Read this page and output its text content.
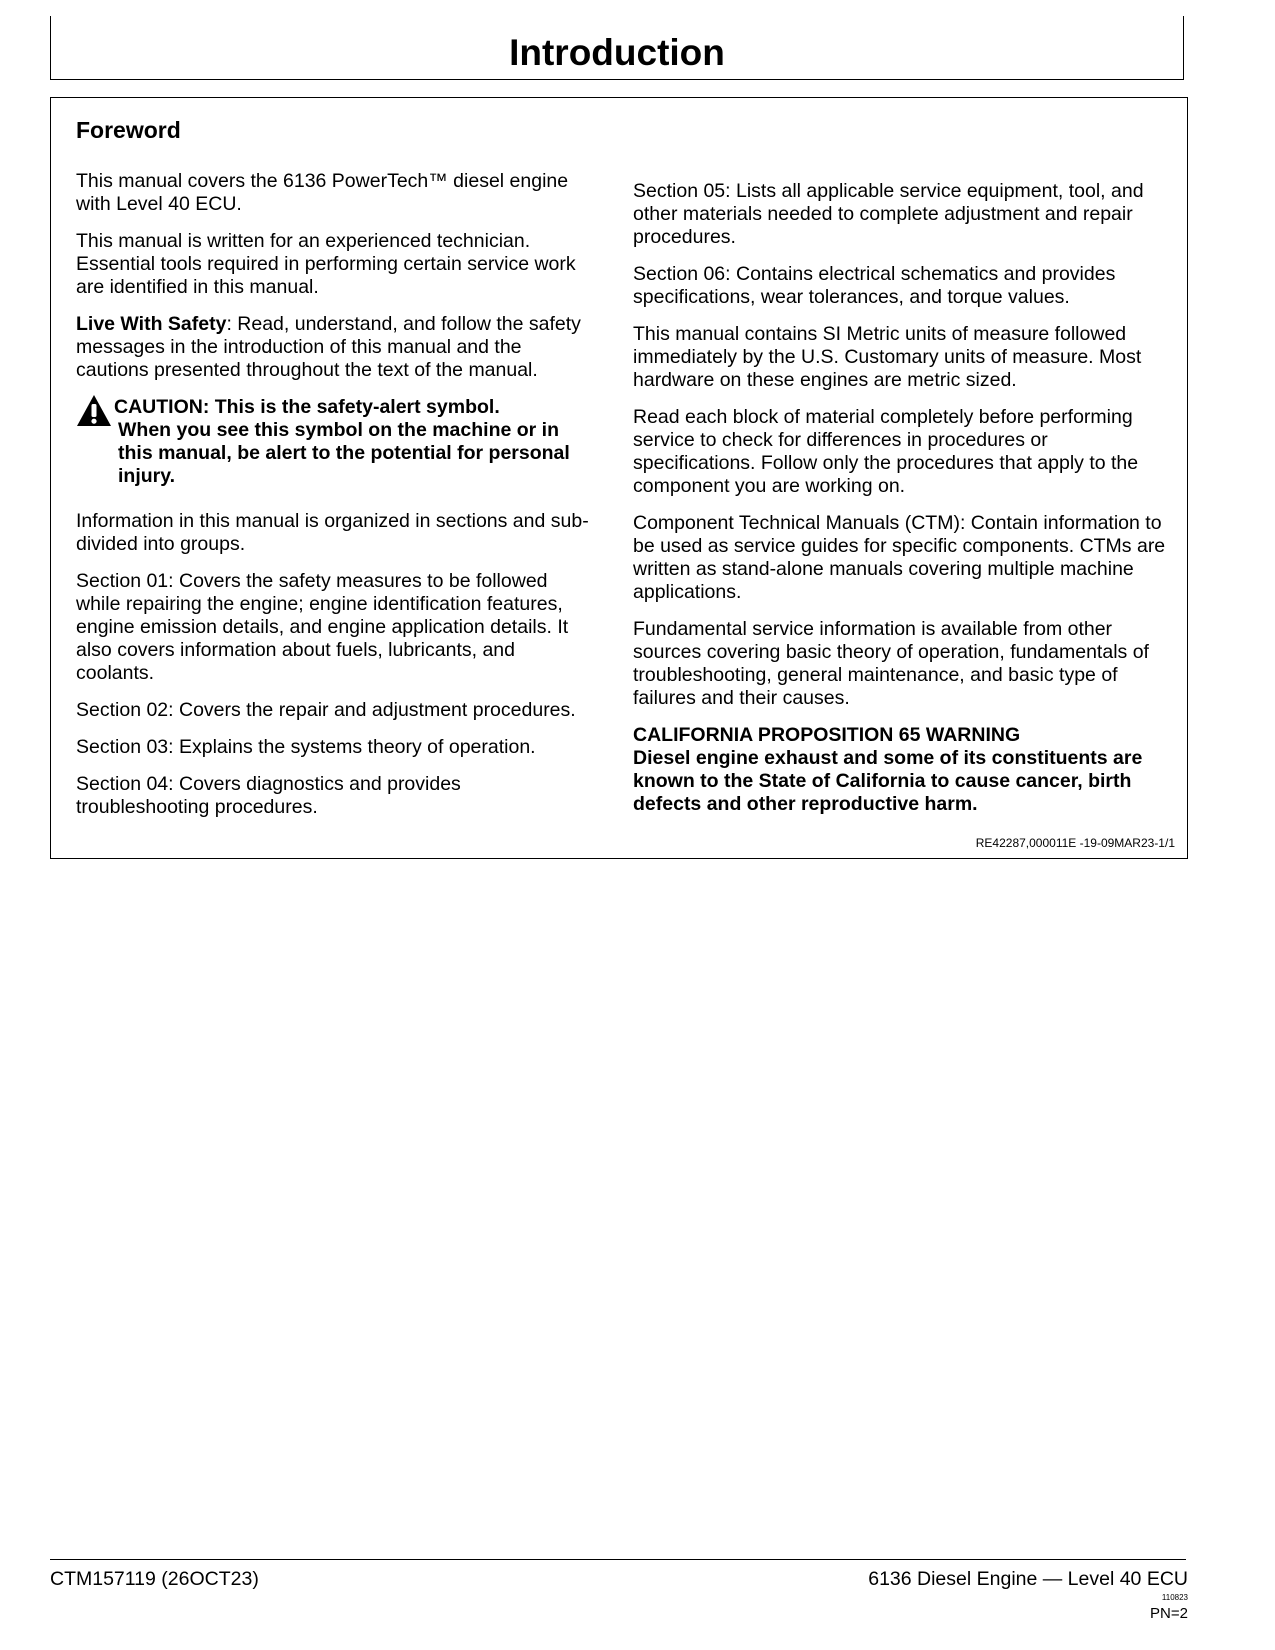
Introduction
Foreword

This manual covers the 6136 PowerTech™ diesel engine with Level 40 ECU.

This manual is written for an experienced technician. Essential tools required in performing certain service work are identified in this manual.

Live With Safety: Read, understand, and follow the safety messages in the introduction of this manual and the cautions presented throughout the text of the manual.

CAUTION: This is the safety-alert symbol.
When you see this symbol on the machine or in this manual, be alert to the potential for personal injury.

Information in this manual is organized in sections and sub-divided into groups.

Section 01: Covers the safety measures to be followed while repairing the engine; engine identification features, engine emission details, and engine application details. It also covers information about fuels, lubricants, and coolants.

Section 02: Covers the repair and adjustment procedures.

Section 03: Explains the systems theory of operation.

Section 04: Covers diagnostics and provides troubleshooting procedures.

Section 05: Lists all applicable service equipment, tool, and other materials needed to complete adjustment and repair procedures.

Section 06: Contains electrical schematics and provides specifications, wear tolerances, and torque values.

This manual contains SI Metric units of measure followed immediately by the U.S. Customary units of measure. Most hardware on these engines are metric sized.

Read each block of material completely before performing service to check for differences in procedures or specifications. Follow only the procedures that apply to the component you are working on.

Component Technical Manuals (CTM): Contain information to be used as service guides for specific components. CTMs are written as stand-alone manuals covering multiple machine applications.

Fundamental service information is available from other sources covering basic theory of operation, fundamentals of troubleshooting, general maintenance, and basic type of failures and their causes.

CALIFORNIA PROPOSITION 65 WARNING
Diesel engine exhaust and some of its constituents are known to the State of California to cause cancer, birth defects and other reproductive harm.
RE42287,000011E -19-09MAR23-1/1
CTM157119 (26OCT23)	6136 Diesel Engine — Level 40 ECU
110823
PN=2
